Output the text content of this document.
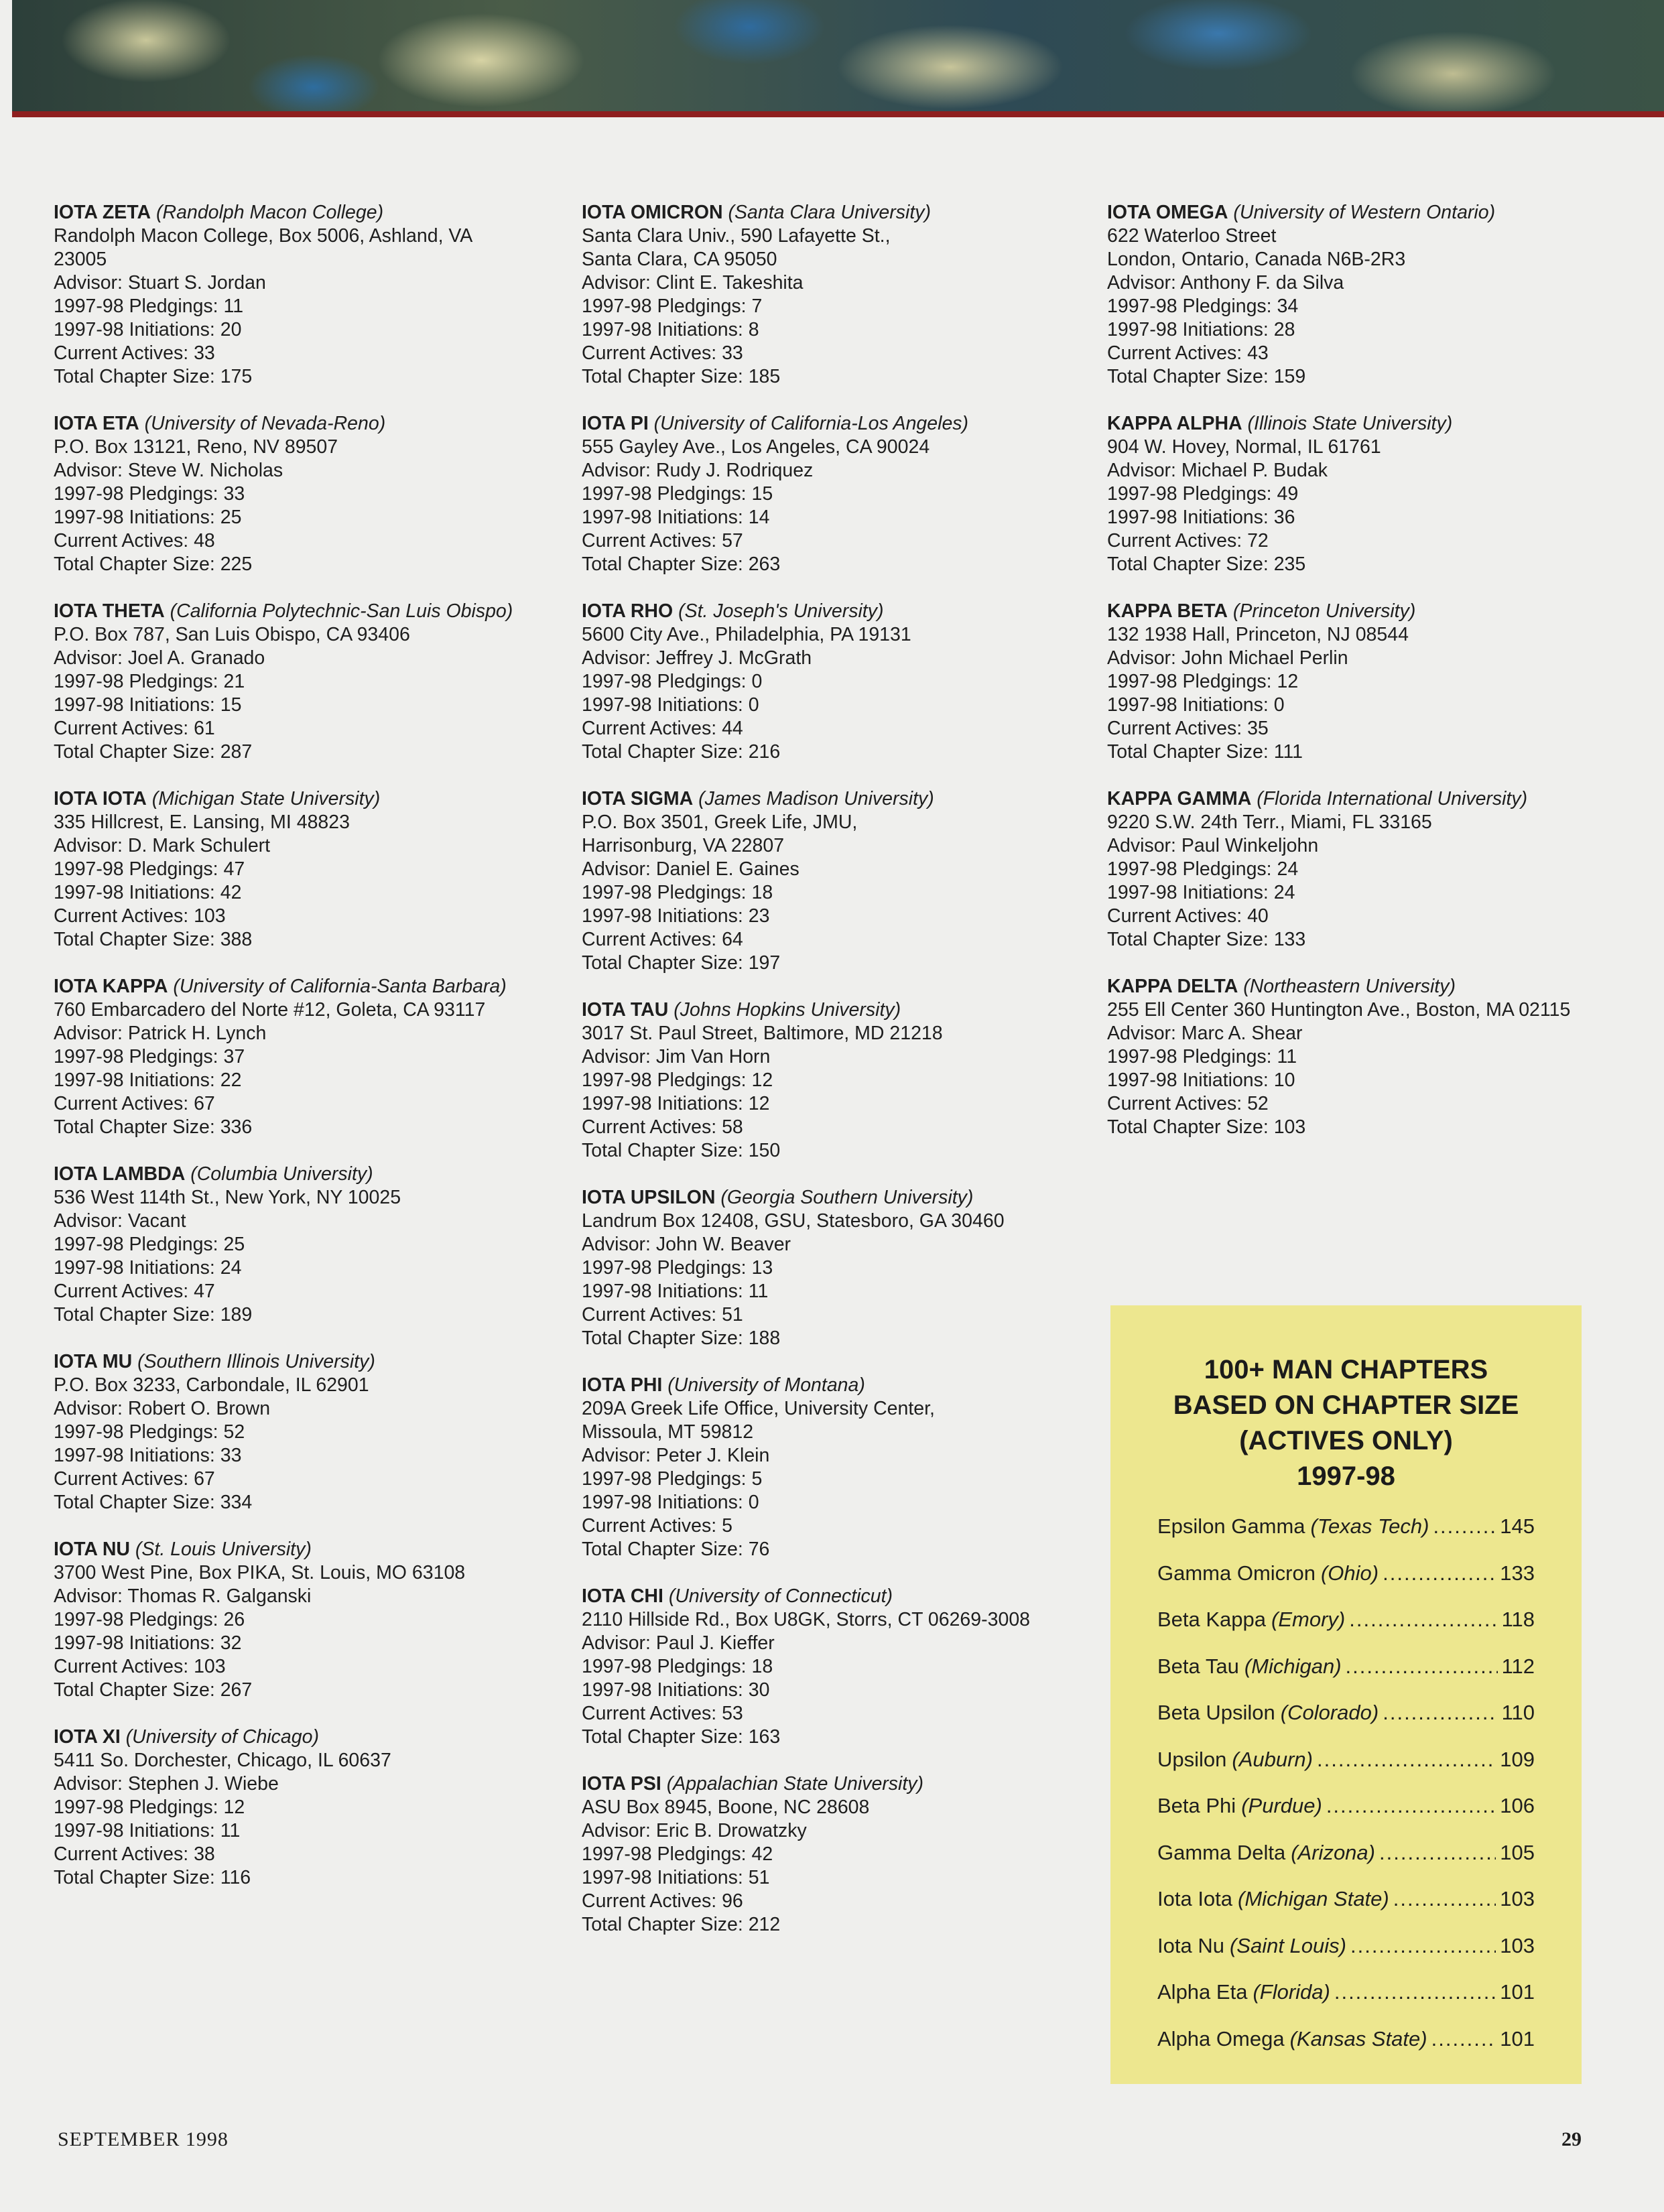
IOTA ZETA (Randolph Macon College)
Randolph Macon College, Box 5006, Ashland, VA 23005
Advisor: Stuart S. Jordan
1997-98 Pledgings: 11
1997-98 Initiations: 20
Current Actives: 33
Total Chapter Size: 175
IOTA ETA (University of Nevada-Reno)
P.O. Box 13121, Reno, NV 89507
Advisor: Steve W. Nicholas
1997-98 Pledgings: 33
1997-98 Initiations: 25
Current Actives: 48
Total Chapter Size: 225
IOTA THETA (California Polytechnic-San Luis Obispo)
P.O. Box 787, San Luis Obispo, CA 93406
Advisor: Joel A. Granado
1997-98 Pledgings: 21
1997-98 Initiations: 15
Current Actives: 61
Total Chapter Size: 287
IOTA IOTA (Michigan State University)
335 Hillcrest, E. Lansing, MI 48823
Advisor: D. Mark Schulert
1997-98 Pledgings: 47
1997-98 Initiations: 42
Current Actives: 103
Total Chapter Size: 388
IOTA KAPPA (University of California-Santa Barbara)
760 Embarcadero del Norte #12, Goleta, CA 93117
Advisor: Patrick H. Lynch
1997-98 Pledgings: 37
1997-98 Initiations: 22
Current Actives: 67
Total Chapter Size: 336
IOTA LAMBDA (Columbia University)
536 West 114th St., New York, NY 10025
Advisor: Vacant
1997-98 Pledgings: 25
1997-98 Initiations: 24
Current Actives: 47
Total Chapter Size: 189
IOTA MU (Southern Illinois University)
P.O. Box 3233, Carbondale, IL 62901
Advisor: Robert O. Brown
1997-98 Pledgings: 52
1997-98 Initiations: 33
Current Actives: 67
Total Chapter Size: 334
IOTA NU (St. Louis University)
3700 West Pine, Box PIKA, St. Louis, MO 63108
Advisor: Thomas R. Galganski
1997-98 Pledgings: 26
1997-98 Initiations: 32
Current Actives: 103
Total Chapter Size: 267
IOTA XI (University of Chicago)
5411 So. Dorchester, Chicago, IL 60637
Advisor: Stephen J. Wiebe
1997-98 Pledgings: 12
1997-98 Initiations: 11
Current Actives: 38
Total Chapter Size: 116
IOTA OMICRON (Santa Clara University)
Santa Clara Univ., 590 Lafayette St.,
Santa Clara, CA 95050
Advisor: Clint E. Takeshita
1997-98 Pledgings: 7
1997-98 Initiations: 8
Current Actives: 33
Total Chapter Size: 185
IOTA PI (University of California-Los Angeles)
555 Gayley Ave., Los Angeles, CA 90024
Advisor: Rudy J. Rodriquez
1997-98 Pledgings: 15
1997-98 Initiations: 14
Current Actives: 57
Total Chapter Size: 263
IOTA RHO (St. Joseph's University)
5600 City Ave., Philadelphia, PA 19131
Advisor: Jeffrey J. McGrath
1997-98 Pledgings: 0
1997-98 Initiations: 0
Current Actives: 44
Total Chapter Size: 216
IOTA SIGMA (James Madison University)
P.O. Box 3501, Greek Life, JMU,
Harrisonburg, VA 22807
Advisor: Daniel E. Gaines
1997-98 Pledgings: 18
1997-98 Initiations: 23
Current Actives: 64
Total Chapter Size: 197
IOTA TAU (Johns Hopkins University)
3017 St. Paul Street, Baltimore, MD 21218
Advisor: Jim Van Horn
1997-98 Pledgings: 12
1997-98 Initiations: 12
Current Actives: 58
Total Chapter Size: 150
IOTA UPSILON (Georgia Southern University)
Landrum Box 12408, GSU, Statesboro, GA 30460
Advisor: John W. Beaver
1997-98 Pledgings: 13
1997-98 Initiations: 11
Current Actives: 51
Total Chapter Size: 188
IOTA PHI (University of Montana)
209A Greek Life Office, University Center,
Missoula, MT 59812
Advisor: Peter J. Klein
1997-98 Pledgings: 5
1997-98 Initiations: 0
Current Actives: 5
Total Chapter Size: 76
IOTA CHI (University of Connecticut)
2110 Hillside Rd., Box U8GK, Storrs, CT 06269-3008
Advisor: Paul J. Kieffer
1997-98 Pledgings: 18
1997-98 Initiations: 30
Current Actives: 53
Total Chapter Size: 163
IOTA PSI (Appalachian State University)
ASU Box 8945, Boone, NC 28608
Advisor: Eric B. Drowatzky
1997-98 Pledgings: 42
1997-98 Initiations: 51
Current Actives: 96
Total Chapter Size: 212
IOTA OMEGA (University of Western Ontario)
622 Waterloo Street
London, Ontario, Canada N6B-2R3
Advisor: Anthony F. da Silva
1997-98 Pledgings: 34
1997-98 Initiations: 28
Current Actives: 43
Total Chapter Size: 159
KAPPA ALPHA (Illinois State University)
904 W. Hovey, Normal, IL 61761
Advisor: Michael P. Budak
1997-98 Pledgings: 49
1997-98 Initiations: 36
Current Actives: 72
Total Chapter Size: 235
KAPPA BETA (Princeton University)
132 1938 Hall, Princeton, NJ 08544
Advisor: John Michael Perlin
1997-98 Pledgings: 12
1997-98 Initiations: 0
Current Actives: 35
Total Chapter Size: 111
KAPPA GAMMA (Florida International University)
9220 S.W. 24th Terr., Miami, FL 33165
Advisor: Paul Winkeljohn
1997-98 Pledgings: 24
1997-98 Initiations: 24
Current Actives: 40
Total Chapter Size: 133
KAPPA DELTA (Northeastern University)
255 Ell Center 360 Huntington Ave., Boston, MA 02115
Advisor: Marc A. Shear
1997-98 Pledgings: 11
1997-98 Initiations: 10
Current Actives: 52
Total Chapter Size: 103
100+ MAN CHAPTERS
BASED ON CHAPTER SIZE
(ACTIVES ONLY)
1997-98
Epsilon Gamma (Texas Tech)
.....	145
Gamma Omicron (Ohio)
.....	133
Beta Kappa (Emory)
.....	118
Beta Tau (Michigan)
.....	112
Beta Upsilon (Colorado)
.....	110
Upsilon (Auburn)
.....	109
Beta Phi (Purdue)
.....	106
Gamma Delta (Arizona)
.....	105
Iota Iota (Michigan State)
.....	103
Iota Nu (Saint Louis)
.....	103
Alpha Eta (Florida)
.....	101
Alpha Omega (Kansas State)
.....	101
SEPTEMBER 1998	29
